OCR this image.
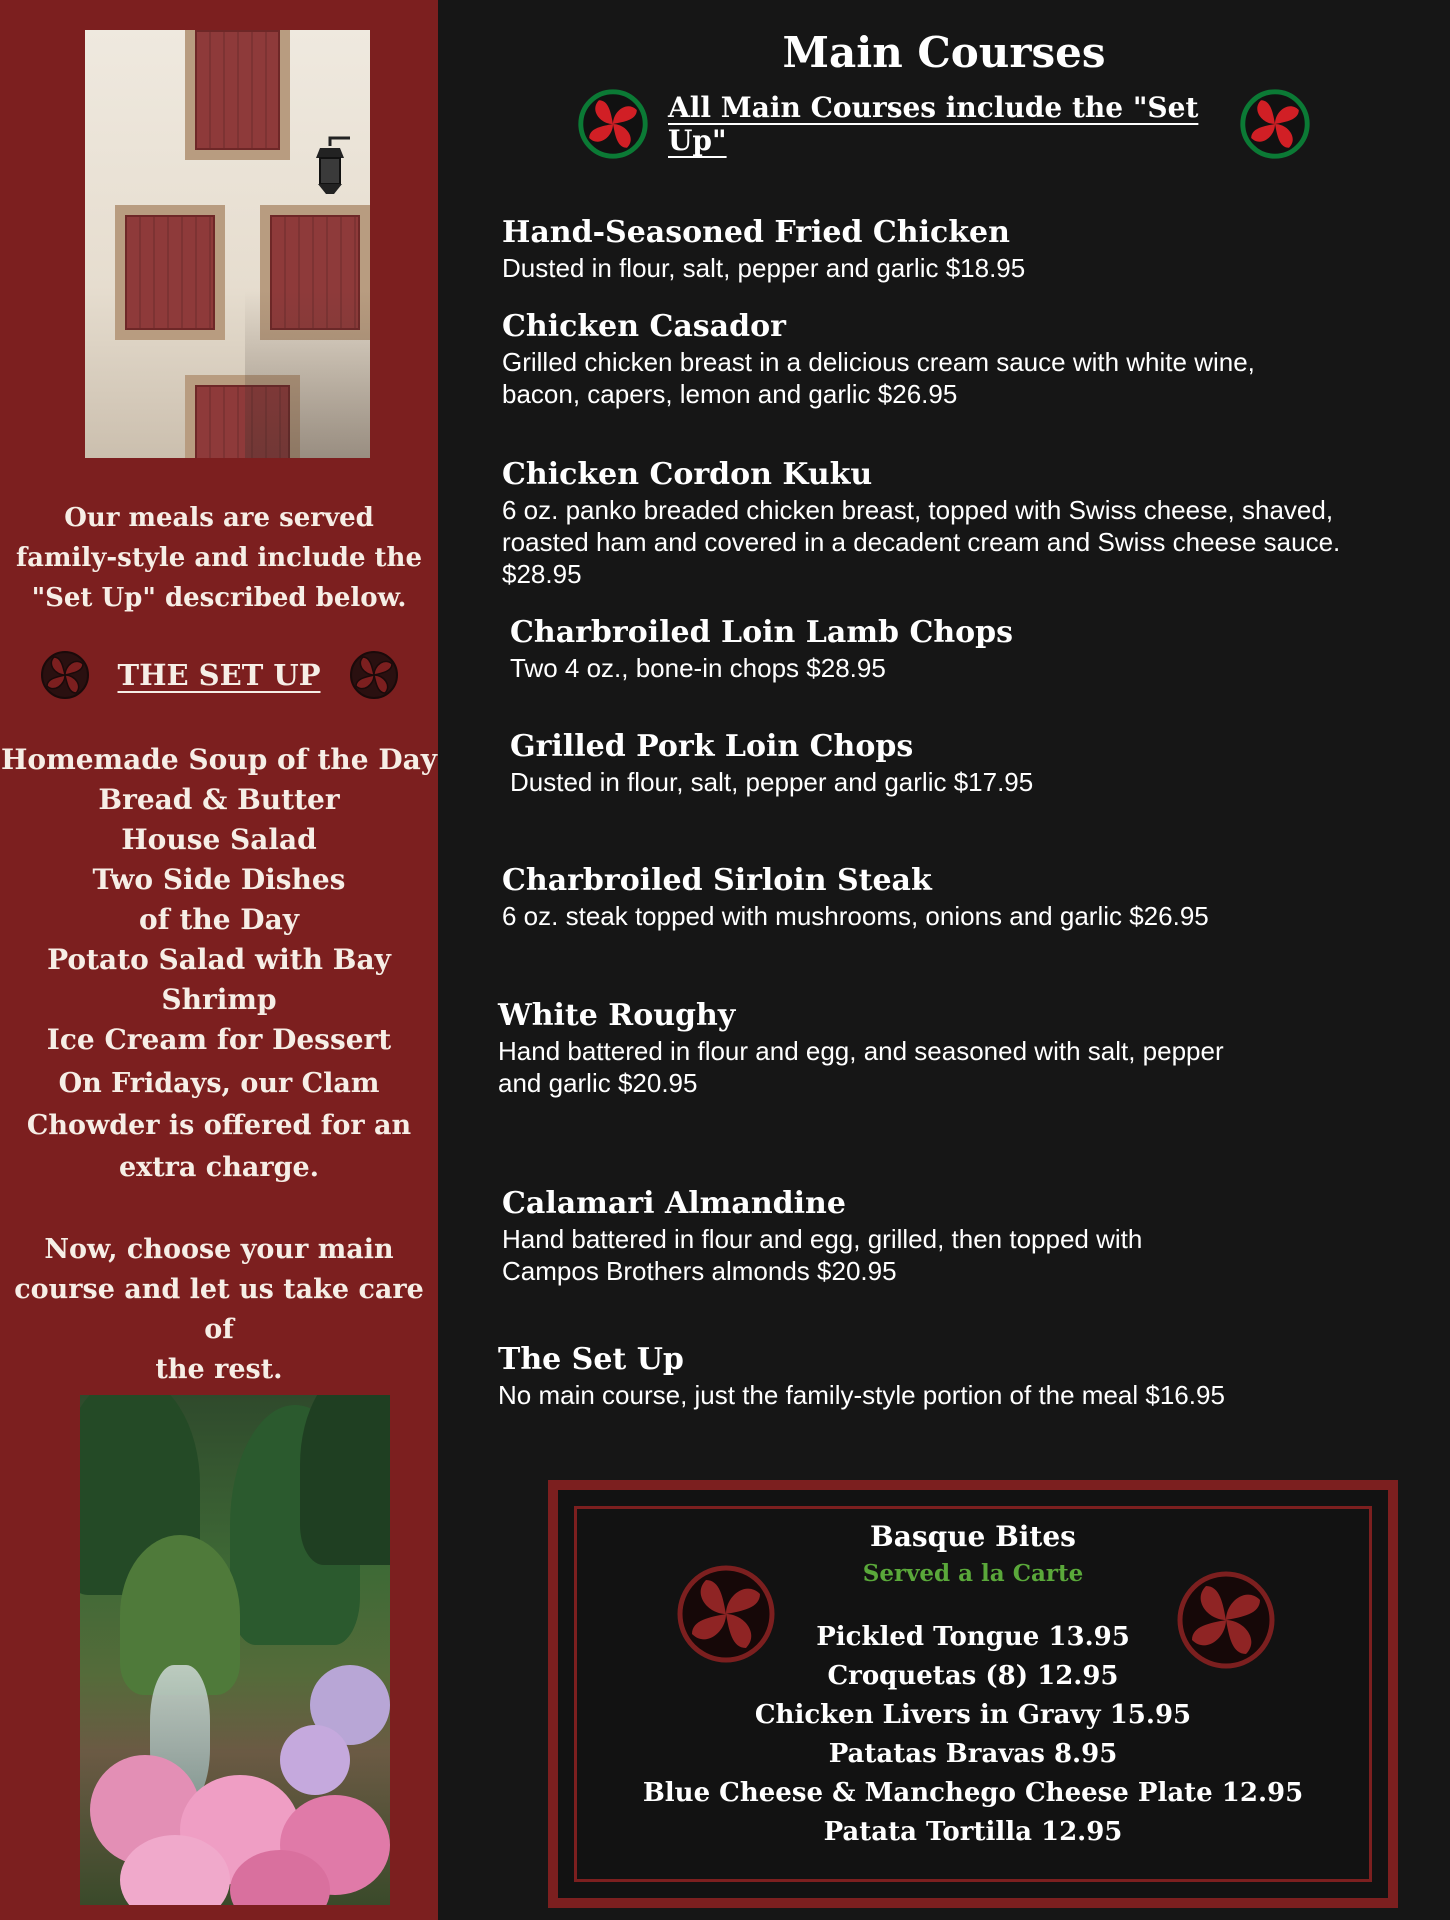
Our meals are served
family-style and include the
"Set Up" described below.
THE SET UP
Homemade Soup of the Day
Bread & Butter
House Salad
Two Side Dishes
of the Day
Potato Salad with Bay Shrimp
Ice Cream for Dessert
On Fridays, our Clam
Chowder is offered for an
extra charge.
Now, choose your main
course and let us take care of
the rest.
Main Courses
All Main Courses include the "Set Up"
Hand-Seasoned Fried Chicken
Dusted in flour, salt, pepper and garlic $18.95
Chicken Casador
Grilled chicken breast in a delicious cream sauce with white wine,
bacon, capers, lemon and garlic $26.95
Chicken Cordon Kuku
6 oz. panko breaded chicken breast, topped with Swiss cheese, shaved,
roasted ham and covered in a decadent cream and Swiss cheese sauce.
$28.95
Charbroiled Loin Lamb Chops
Two 4 oz., bone-in chops $28.95
Grilled Pork Loin Chops
Dusted in flour, salt, pepper and garlic $17.95
Charbroiled Sirloin Steak
6 oz. steak topped with mushrooms, onions and garlic $26.95
White Roughy
Hand battered in flour and egg, and seasoned with salt, pepper
and garlic $20.95
Calamari Almandine
Hand battered in flour and egg, grilled, then topped with
Campos Brothers almonds $20.95
The Set Up
No main course, just the family-style portion of the meal $16.95
Basque Bites
Served a la Carte
Pickled Tongue 13.95
Croquetas (8) 12.95
Chicken Livers in Gravy 15.95
Patatas Bravas 8.95
Blue Cheese & Manchego Cheese Plate 12.95
Patata Tortilla 12.95
